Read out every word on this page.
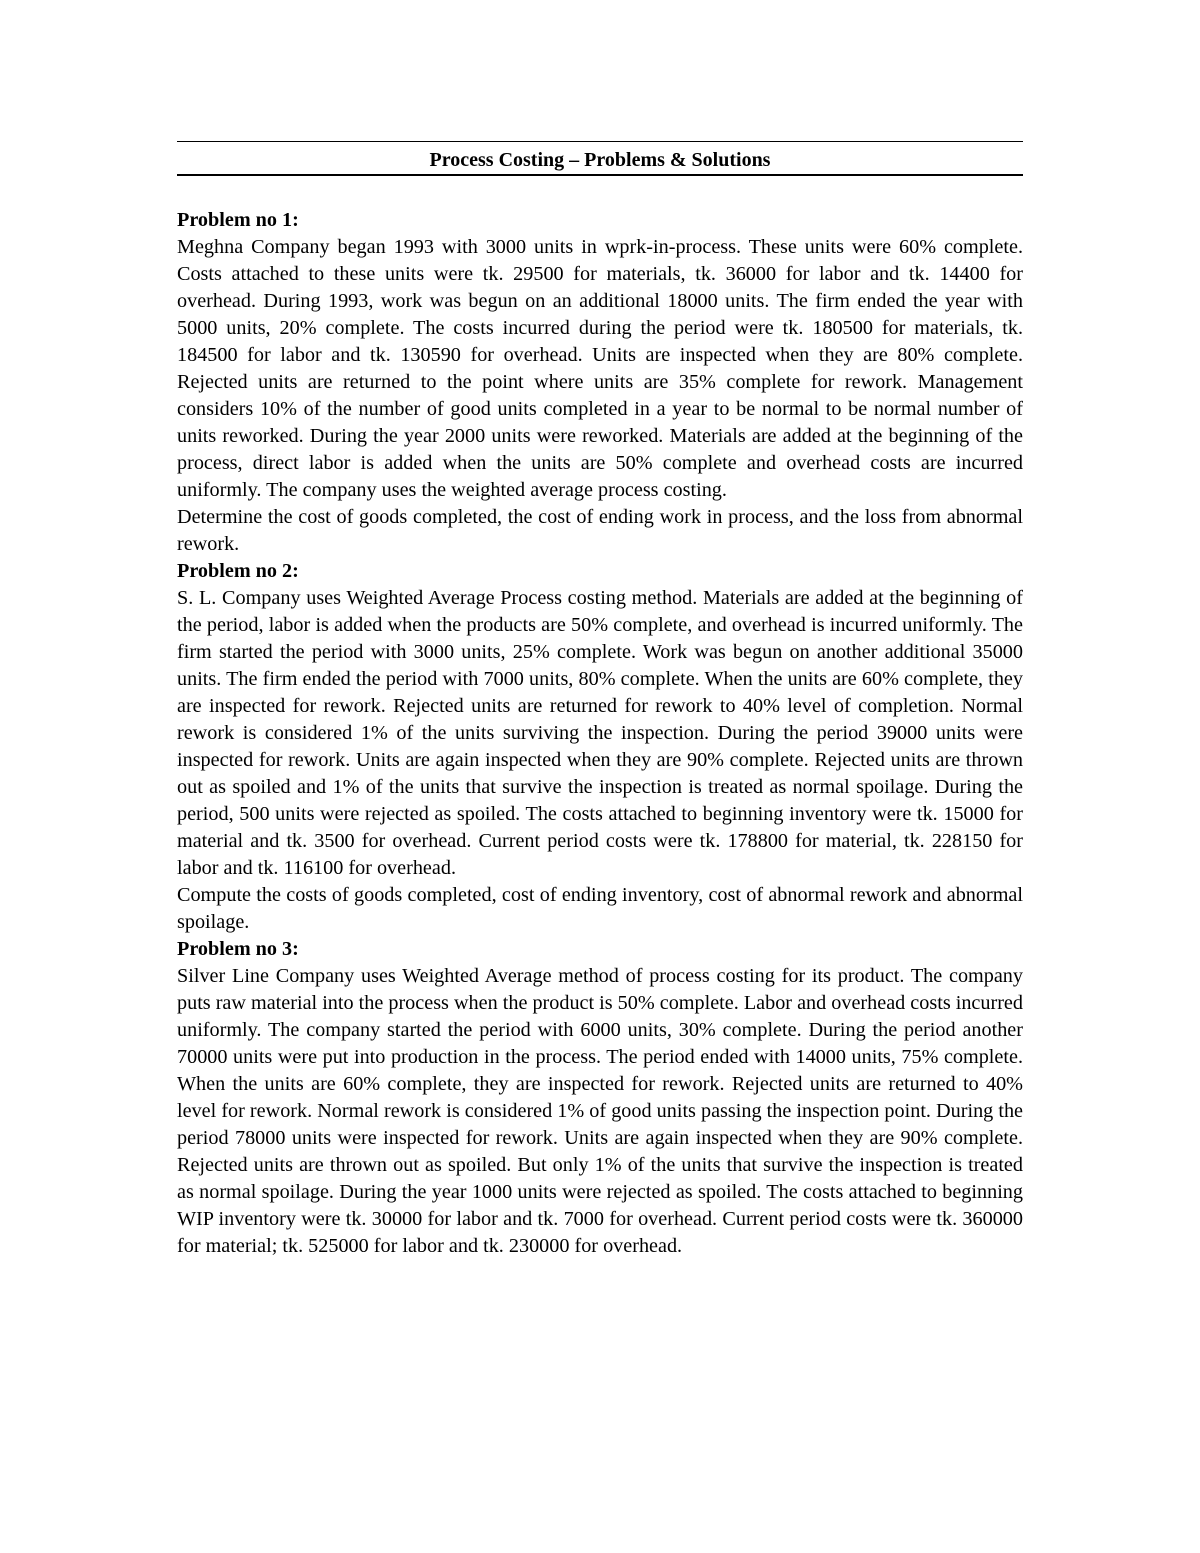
Process Costing – Problems & Solutions

Problem no 1:

Meghna Company began 1993 with 3000 units in wprk-in-process. These units were 60% complete. Costs attached to these units were tk. 29500 for materials, tk. 36000 for labor and tk. 14400 for overhead. During 1993, work was begun on an additional 18000 units. The firm ended the year with 5000 units, 20% complete. The costs incurred during the period were tk. 180500 for materials, tk. 184500 for labor and tk. 130590 for overhead. Units are inspected when they are 80% complete. Rejected units are returned to the point where units are 35% complete for rework. Management considers 10% of the number of good units completed in a year to be normal to be normal number of units reworked. During the year 2000 units were reworked. Materials are added at the beginning of the process, direct labor is added when the units are 50% complete and overhead costs are incurred uniformly. The company uses the weighted average process costing.

Determine the cost of goods completed, the cost of ending work in process, and the loss from abnormal rework.

Problem no 2:

S. L. Company uses Weighted Average Process costing method. Materials are added at the beginning of the period, labor is added when the products are 50% complete, and overhead is incurred uniformly. The firm started the period with 3000 units, 25% complete. Work was begun on another additional 35000 units. The firm ended the period with 7000 units, 80% complete. When the units are 60% complete, they are inspected for rework. Rejected units are returned for rework to 40% level of completion. Normal rework is considered 1% of the units surviving the inspection. During the period 39000 units were inspected for rework. Units are again inspected when they are 90% complete. Rejected units are thrown out as spoiled and 1% of the units that survive the inspection is treated as normal spoilage. During the period, 500 units were rejected as spoiled. The costs attached to beginning inventory were tk. 15000 for material and tk. 3500 for overhead. Current period costs were tk. 178800 for material, tk. 228150 for labor and tk. 116100 for overhead.

Compute the costs of goods completed, cost of ending inventory, cost of abnormal rework and abnormal spoilage.

Problem no 3:

Silver Line Company uses Weighted Average method of process costing for its product. The company puts raw material into the process when the product is 50% complete. Labor and overhead costs incurred uniformly. The company started the period with 6000 units, 30% complete. During the period another 70000 units were put into production in the process. The period ended with 14000 units, 75% complete. When the units are 60% complete, they are inspected for rework. Rejected units are returned to 40% level for rework. Normal rework is considered 1% of good units passing the inspection point. During the period 78000 units were inspected for rework. Units are again inspected when they are 90% complete. Rejected units are thrown out as spoiled. But only 1% of the units that survive the inspection is treated as normal spoilage. During the year 1000 units were rejected as spoiled. The costs attached to beginning WIP inventory were tk. 30000 for labor and tk. 7000 for overhead. Current period costs were tk. 360000 for material; tk. 525000 for labor and tk. 230000 for overhead.
